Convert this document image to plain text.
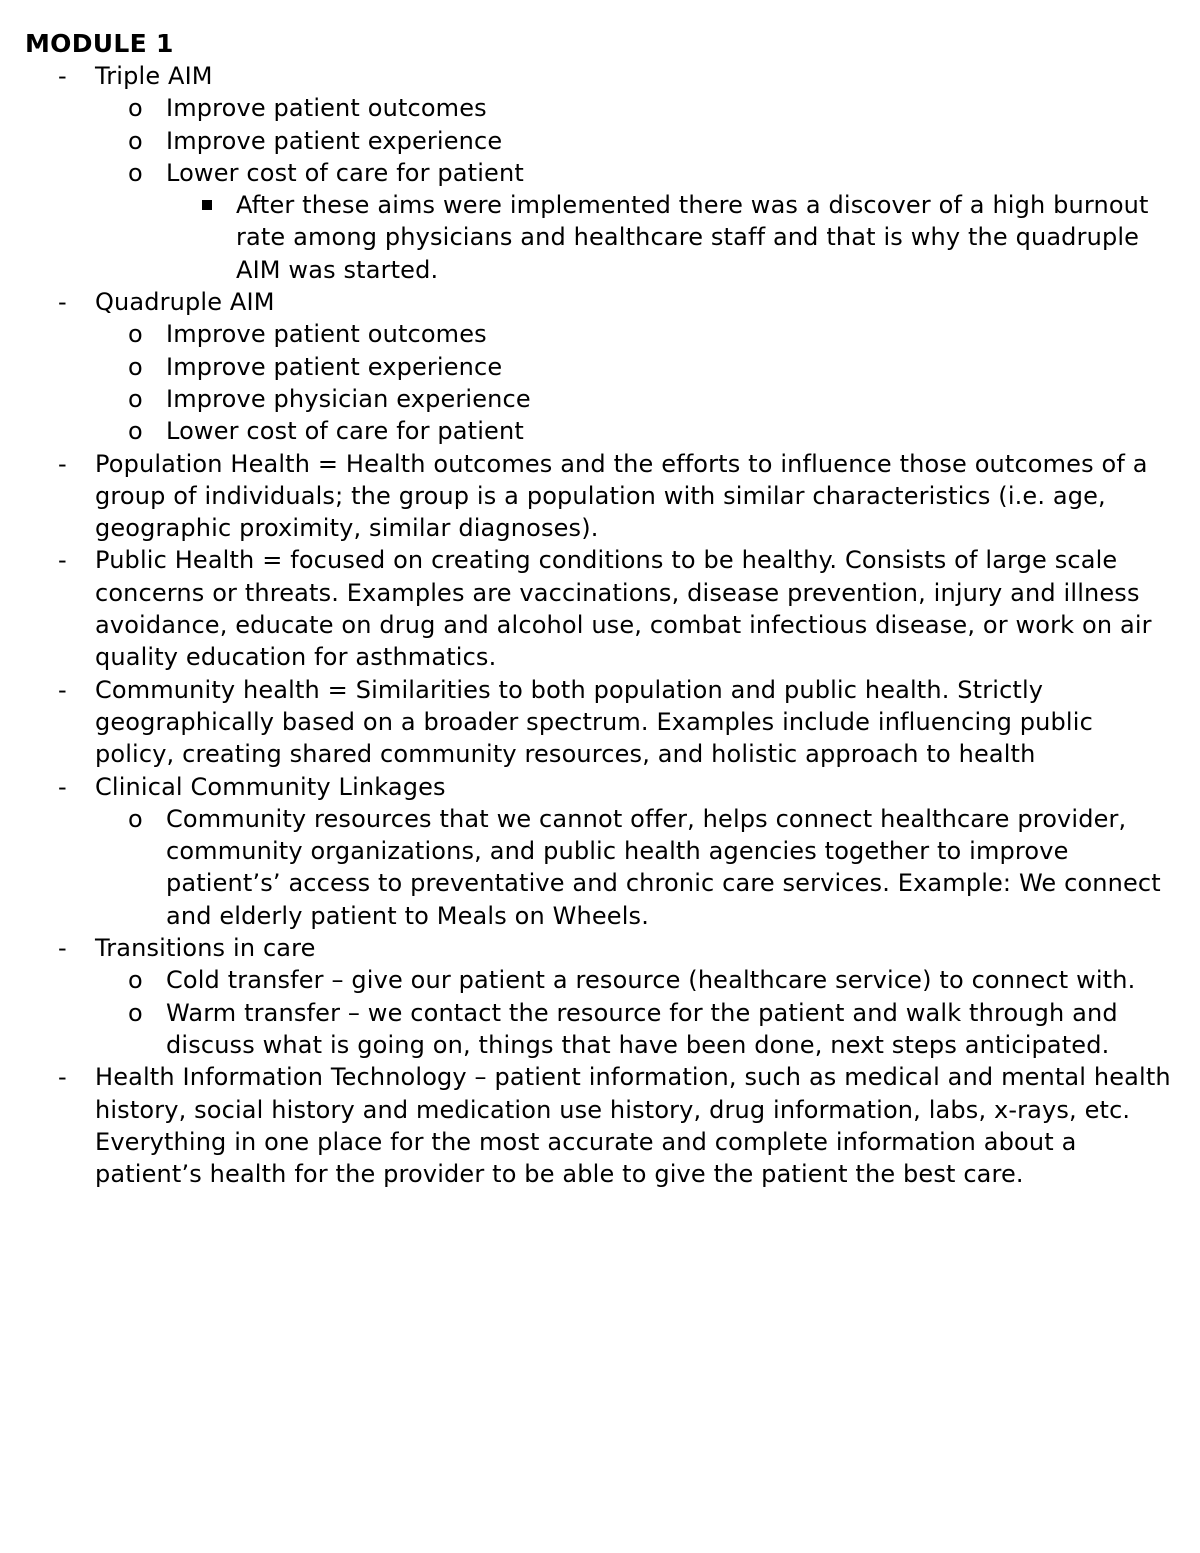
MODULE 1
- Triple AIM
o Improve patient outcomes
o Improve patient experience
o Lower cost of care for patient
After these aims were implemented there was a discover of a high burnout rate among physicians and healthcare staff and that is why the quadruple AIM was started.
- Quadruple AIM
o Improve patient outcomes
o Improve patient experience
o Improve physician experience
o Lower cost of care for patient
- Population Health = Health outcomes and the efforts to influence those outcomes of a group of individuals; the group is a population with similar characteristics (i.e. age, geographic proximity, similar diagnoses).
- Public Health = focused on creating conditions to be healthy. Consists of large scale concerns or threats. Examples are vaccinations, disease prevention, injury and illness avoidance, educate on drug and alcohol use, combat infectious disease, or work on air quality education for asthmatics.
- Community health = Similarities to both population and public health. Strictly geographically based on a broader spectrum. Examples include influencing public policy, creating shared community resources, and holistic approach to health
- Clinical Community Linkages
o Community resources that we cannot offer, helps connect healthcare provider, community organizations, and public health agencies together to improve patient’s’ access to preventative and chronic care services. Example: We connect and elderly patient to Meals on Wheels.
- Transitions in care
o Cold transfer – give our patient a resource (healthcare service) to connect with.
o Warm transfer – we contact the resource for the patient and walk through and discuss what is going on, things that have been done, next steps anticipated.
- Health Information Technology – patient information, such as medical and mental health history, social history and medication use history, drug information, labs, x-rays, etc. Everything in one place for the most accurate and complete information about a patient’s health for the provider to be able to give the patient the best care.
